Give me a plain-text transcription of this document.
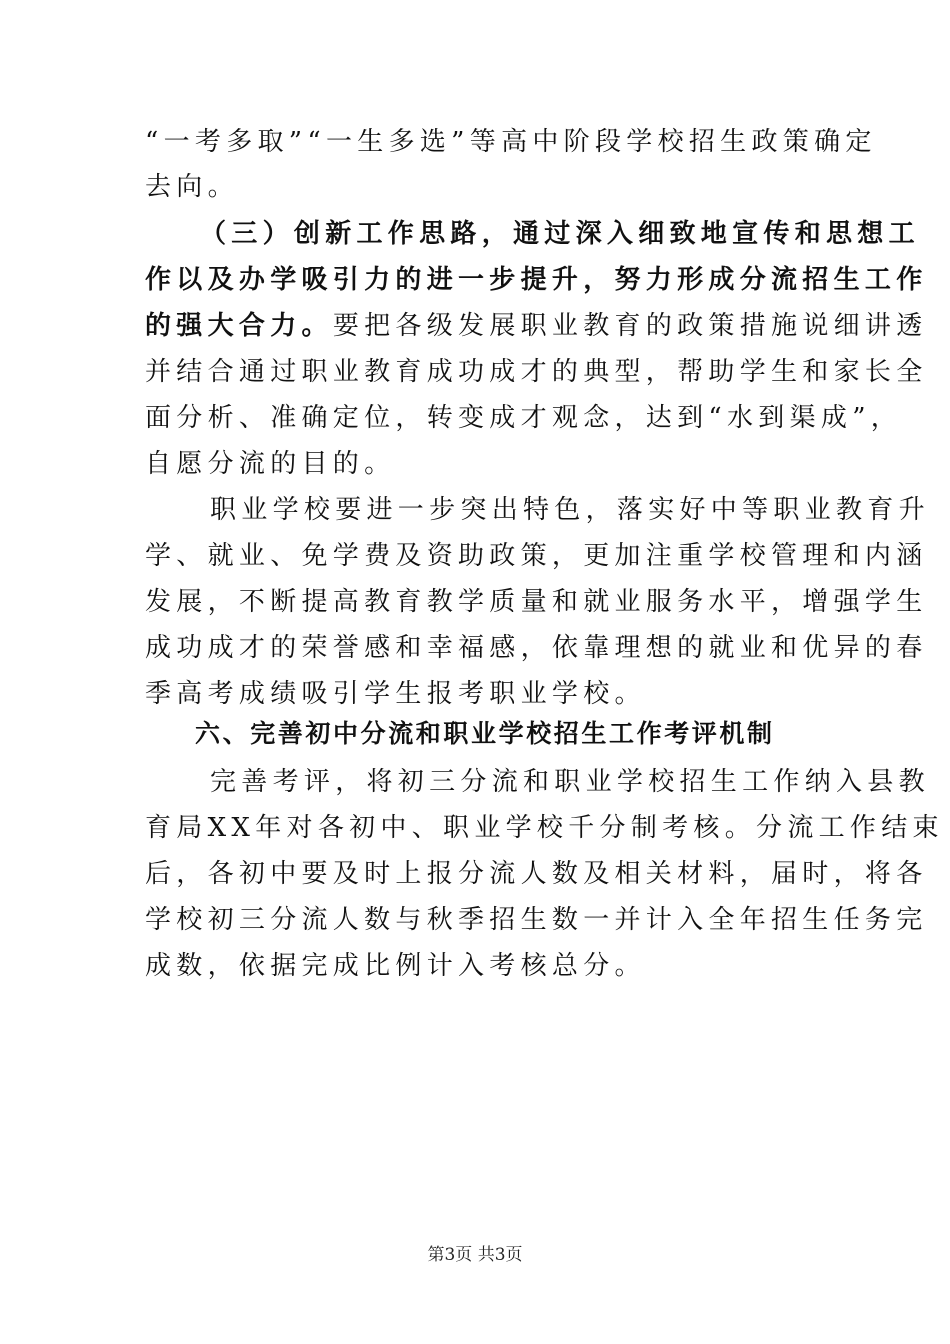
“一考多取”“一生多选”等高中阶段学校招生政策确定
去向。
（三）创新工作思路，通过深入细致地宣传和思想工
作以及办学吸引力的进一步提升，努力形成分流招生工作
的强大合力。要把各级发展职业教育的政策措施说细讲透
并结合通过职业教育成功成才的典型，帮助学生和家长全
面分析、准确定位，转变成才观念，达到“水到渠成”，
自愿分流的目的。
职业学校要进一步突出特色，落实好中等职业教育升
学、就业、免学费及资助政策，更加注重学校管理和内涵
发展，不断提高教育教学质量和就业服务水平，增强学生
成功成才的荣誉感和幸福感，依靠理想的就业和优异的春
季高考成绩吸引学生报考职业学校。
六、完善初中分流和职业学校招生工作考评机制
完善考评，将初三分流和职业学校招生工作纳入县教
育局XX年对各初中、职业学校千分制考核。分流工作结束
后，各初中要及时上报分流人数及相关材料，届时，将各
学校初三分流人数与秋季招生数一并计入全年招生任务完
成数，依据完成比例计入考核总分。
第3页 共3页
